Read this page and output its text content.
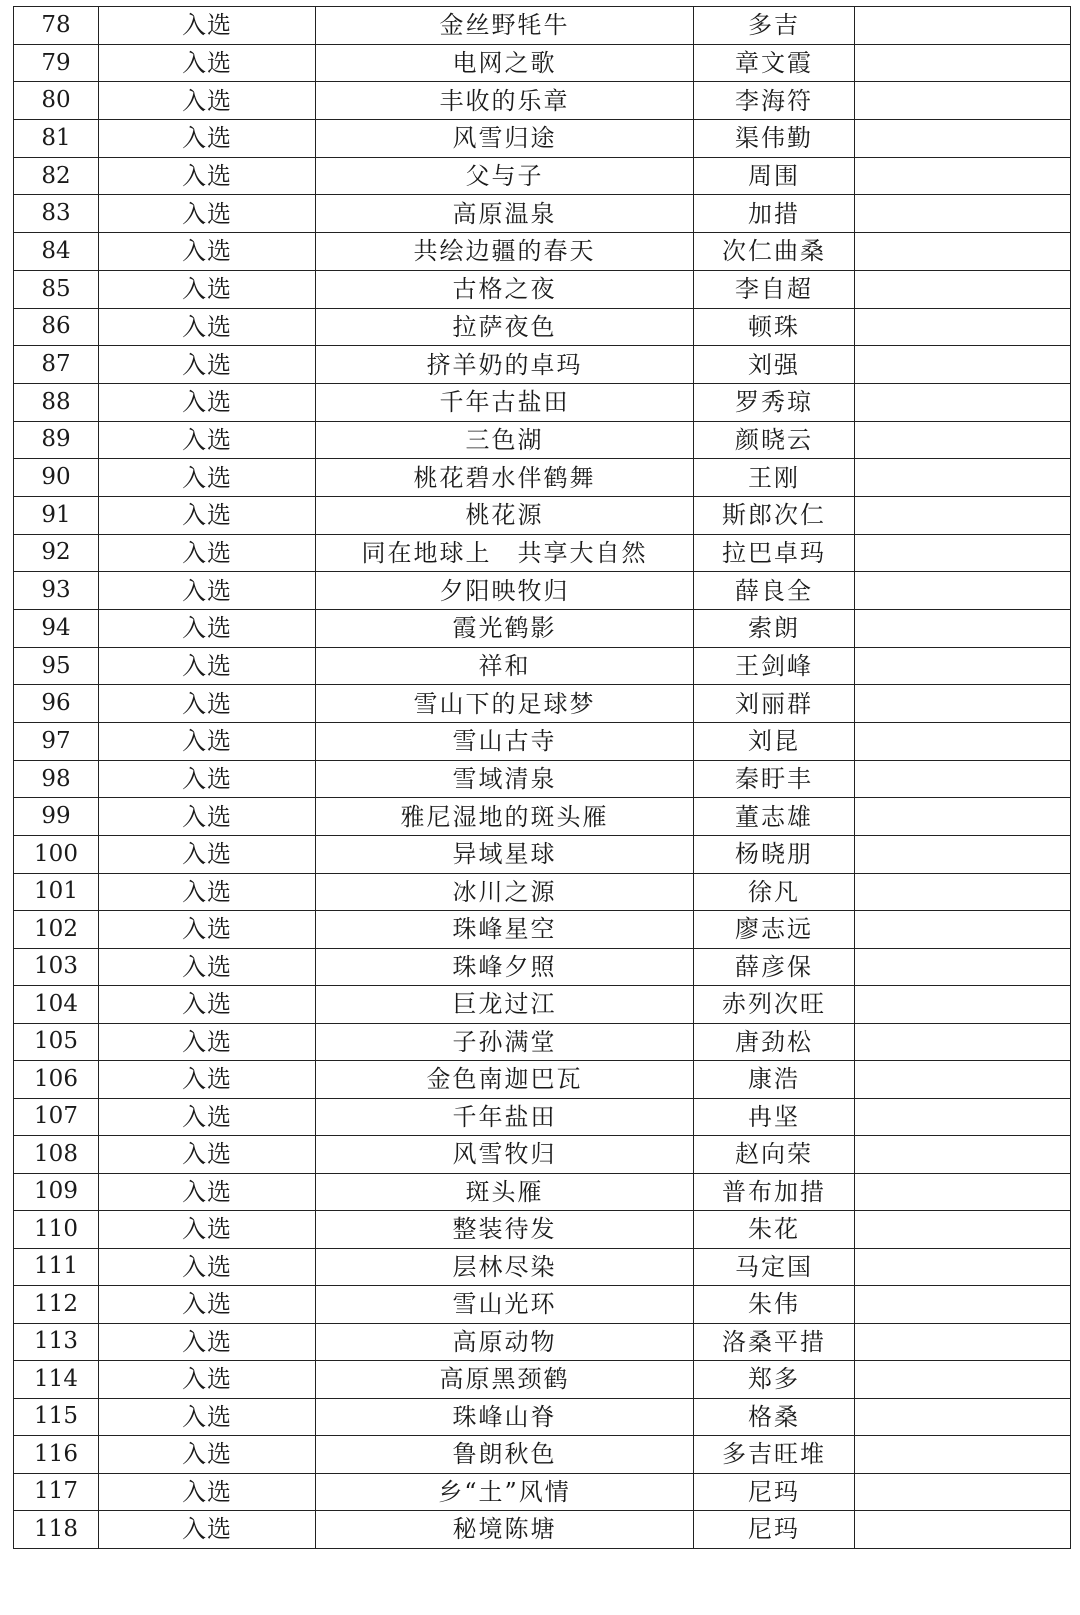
78	入选	金丝野牦牛	多吉	
79	入选	电网之歌	章文霞	
80	入选	丰收的乐章	李海符	
81	入选	风雪归途	渠伟勤	
82	入选	父与子	周围	
83	入选	高原温泉	加措	
84	入选	共绘边疆的春天	次仁曲桑	
85	入选	古格之夜	李自超	
86	入选	拉萨夜色	顿珠	
87	入选	挤羊奶的卓玛	刘强	
88	入选	千年古盐田	罗秀琼	
89	入选	三色湖	颜晓云	
90	入选	桃花碧水伴鹤舞	王刚	
91	入选	桃花源	斯郎次仁	
92	入选	同在地球上　共享大自然	拉巴卓玛	
93	入选	夕阳映牧归	薛良全	
94	入选	霞光鹤影	索朗	
95	入选	祥和	王剑峰	
96	入选	雪山下的足球梦	刘丽群	
97	入选	雪山古寺	刘昆	
98	入选	雪域清泉	秦盱丰	
99	入选	雅尼湿地的斑头雁	董志雄	
100	入选	异域星球	杨晓朋	
101	入选	冰川之源	徐凡	
102	入选	珠峰星空	廖志远	
103	入选	珠峰夕照	薛彦保	
104	入选	巨龙过江	赤列次旺	
105	入选	子孙满堂	唐劲松	
106	入选	金色南迦巴瓦	康浩	
107	入选	千年盐田	冉坚	
108	入选	风雪牧归	赵向荣	
109	入选	斑头雁	普布加措	
110	入选	整装待发	朱花	
111	入选	层林尽染	马定国	
112	入选	雪山光环	朱伟	
113	入选	高原动物	洛桑平措	
114	入选	高原黑颈鹤	郑多	
115	入选	珠峰山脊	格桑	
116	入选	鲁朗秋色	多吉旺堆	
117	入选	乡“土”风情	尼玛	
118	入选	秘境陈塘	尼玛	
